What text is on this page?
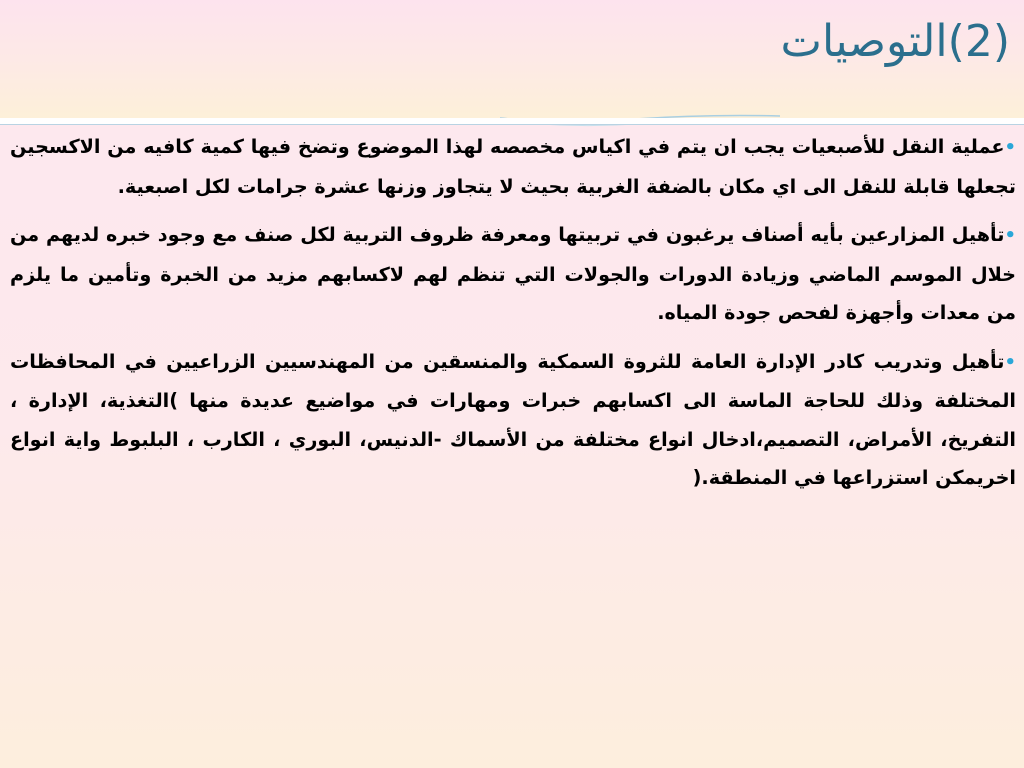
(2)التوصيات

•عملية النقل للأصبعيات يجب ان يتم في اكياس مخصصه لهذا الموضوع وتضخ فيها كمية كافيه من الاكسجين تجعلها قابلة للنقل الى اي مكان بالضفة الغربية بحيث لا يتجاوز وزنها عشرة جرامات لكل اصبعية.

•تأهيل المزارعين بأيه أصناف يرغبون في تربيتها ومعرفة ظروف التربية لكل صنف مع وجود خبره لديهم من خلال الموسم الماضي وزيادة الدورات والجولات التي تنظم لهم لاكسابهم مزيد من الخبرة وتأمين ما يلزم من معدات وأجهزة لفحص جودة المياه.

•تأهيل وتدريب كادر الإدارة العامة للثروة السمكية والمنسقين من المهندسيين الزراعيين في المحافظات المختلفة وذلك للحاجة الماسة الى اكسابهم خبرات ومهارات في مواضيع عديدة منها )التغذية، الإدارة ، التفريخ، الأمراض، التصميم،ادخال انواع مختلفة من الأسماك -الدنيس، البوري ، الكارب ، البلبوط واية انواع اخريمكن استزراعها في المنطقة.(
